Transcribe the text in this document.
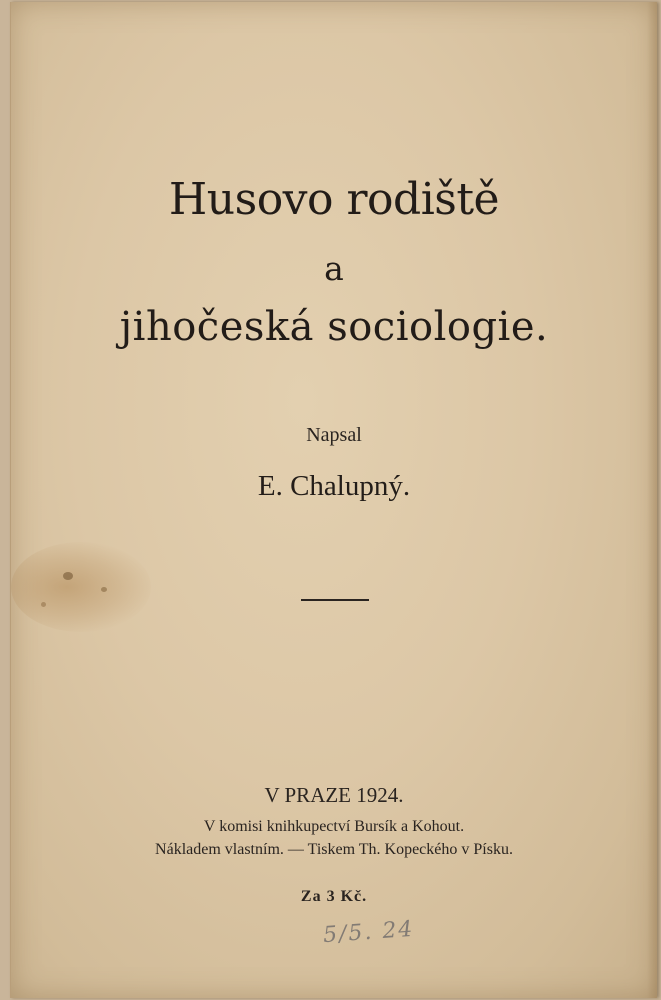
Husovo rodiště
a
jihočeská sociologie.
Napsal
E. Chalupný.
V PRAZE 1924.
V komisi knihkupectví Bursík a Kohout.
Nákladem vlastním. — Tiskem Th. Kopeckého v Písku.
Za 3 Kč.
5/5. 24
